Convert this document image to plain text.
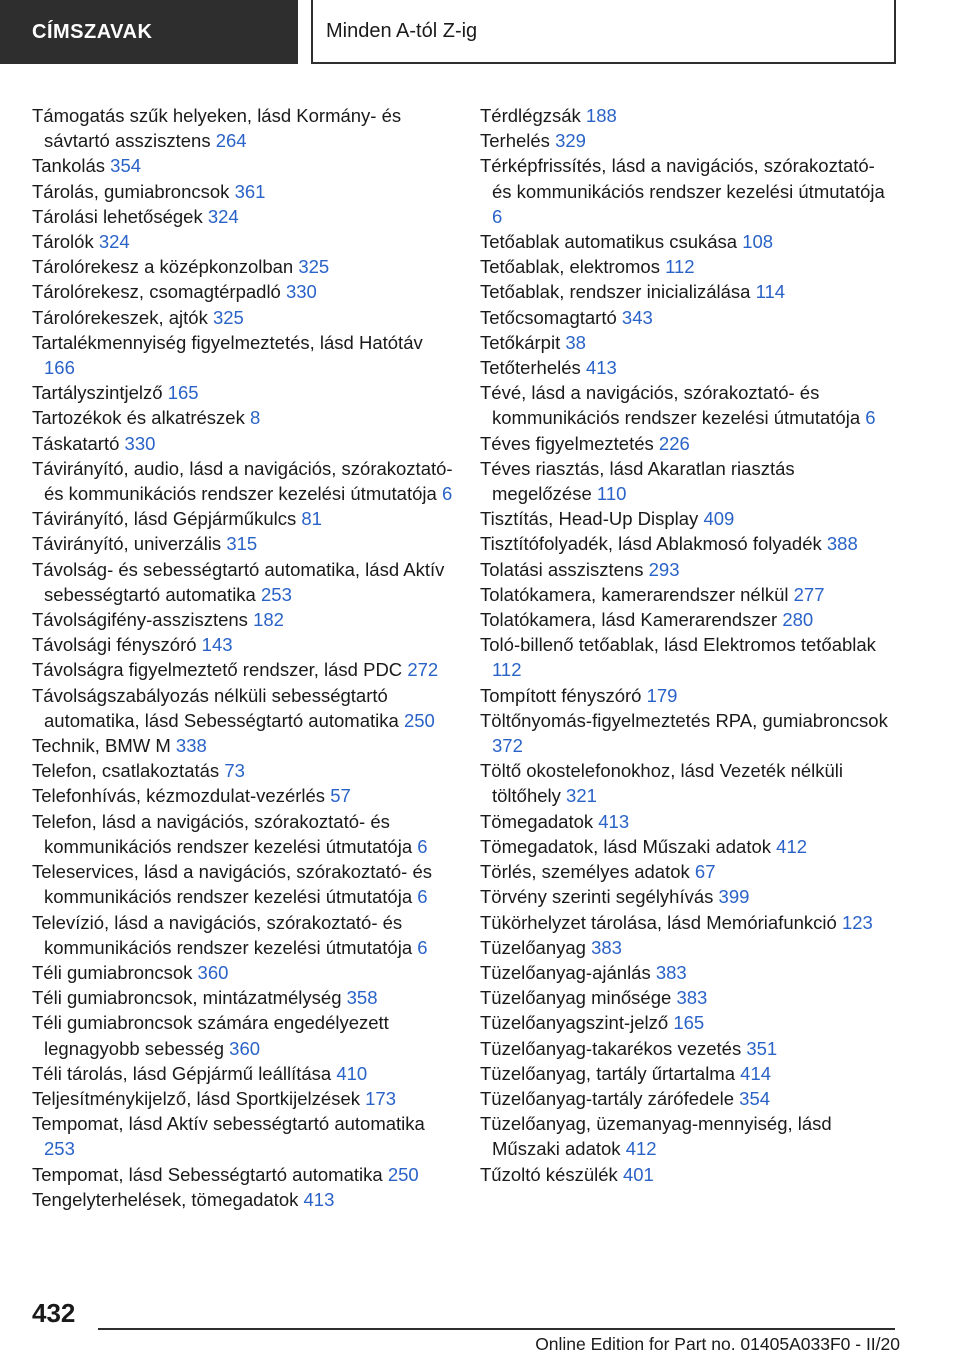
CÍMSZAVAK	Minden A-tól Z-ig
Támogatás szűk helyeken, lásd Kormány- és sávtartó asszisztens 264
Tankolás 354
Tárolás, gumiabroncsok 361
Tárolási lehetőségek 324
Tárolók 324
Tárolórekesz a középkonzolban 325
Tárolórekesz, csomagtérpadló 330
Tárolórekeszek, ajtók 325
Tartalékmennyiség figyelmeztetés, lásd Hatótáv 166
Tartályszintjelző 165
Tartozékok és alkatrészek 8
Táskatartó 330
Távirányító, audio, lásd a navigációs, szórakoztató- és kommunikációs rendszer kezelési útmutatója 6
Távirányító, lásd Gépjárműkulcs 81
Távirányító, univerzális 315
Távolság- és sebességtartó automatika, lásd Aktív sebességtartó automatika 253
Távolságifény-asszisztens 182
Távolsági fényszóró 143
Távolságra figyelmeztető rendszer, lásd PDC 272
Távolságszabályozás nélküli sebességtartó automatika, lásd Sebességtartó automatika 250
Technik, BMW M 338
Telefon, csatlakoztatás 73
Telefonhívás, kézmozdulat-vezérlés 57
Telefon, lásd a navigációs, szórakoztató- és kommunikációs rendszer kezelési útmutatója 6
Teleservices, lásd a navigációs, szórakoztató- és kommunikációs rendszer kezelési útmutatója 6
Televízió, lásd a navigációs, szórakoztató- és kommunikációs rendszer kezelési útmutatója 6
Téli gumiabroncsok 360
Téli gumiabroncsok, mintázatmélység 358
Téli gumiabroncsok számára engedélyezett legnagyobb sebesség 360
Téli tárolás, lásd Gépjármű leállítása 410
Teljesítménykijelző, lásd Sportkijelzések 173
Tempomat, lásd Aktív sebességtartó automatika 253
Tempomat, lásd Sebességtartó automatika 250
Tengelyterhelések, tömegadatok 413
Térdlégzsák 188
Terhelés 329
Térképfrissítés, lásd a navigációs, szórakoztató- és kommunikációs rendszer kezelési útmutatója 6
Tetőablak automatikus csukása 108
Tetőablak, elektromos 112
Tetőablak, rendszer inicializálása 114
Tetőcsomagtartó 343
Tetőkárpit 38
Tetőterhelés 413
Tévé, lásd a navigációs, szórakoztató- és kommunikációs rendszer kezelési útmutatója 6
Téves figyelmeztetés 226
Téves riasztás, lásd Akaratlan riasztás megelőzése 110
Tisztítás, Head-Up Display 409
Tisztítófolyadék, lásd Ablakmosó folyadék 388
Tolatási asszisztens 293
Tolatókamera, kamerarendszer nélkül 277
Tolatókamera, lásd Kamerarendszer 280
Toló-billenő tetőablak, lásd Elektromos tetőablak 112
Tompított fényszóró 179
Töltőnyomás-figyelmeztetés RPA, gumiabroncsok 372
Töltő okostelefonokhoz, lásd Vezeték nélküli töltőhely 321
Tömegadatok 413
Tömegadatok, lásd Műszaki adatok 412
Törlés, személyes adatok 67
Törvény szerinti segélyhívás 399
Tükörhelyzet tárolása, lásd Memóriafunkció 123
Tüzelőanyag 383
Tüzelőanyag-ajánlás 383
Tüzelőanyag minősége 383
Tüzelőanyagszint-jelző 165
Tüzelőanyag-takarékos vezetés 351
Tüzelőanyag, tartály űrtartalma 414
Tüzelőanyag-tartály zárófedele 354
Tüzelőanyag, üzemanyag-mennyiség, lásd Műszaki adatok 412
Tűzoltó készülék 401
432
Online Edition for Part no. 01405A033F0 - II/20
